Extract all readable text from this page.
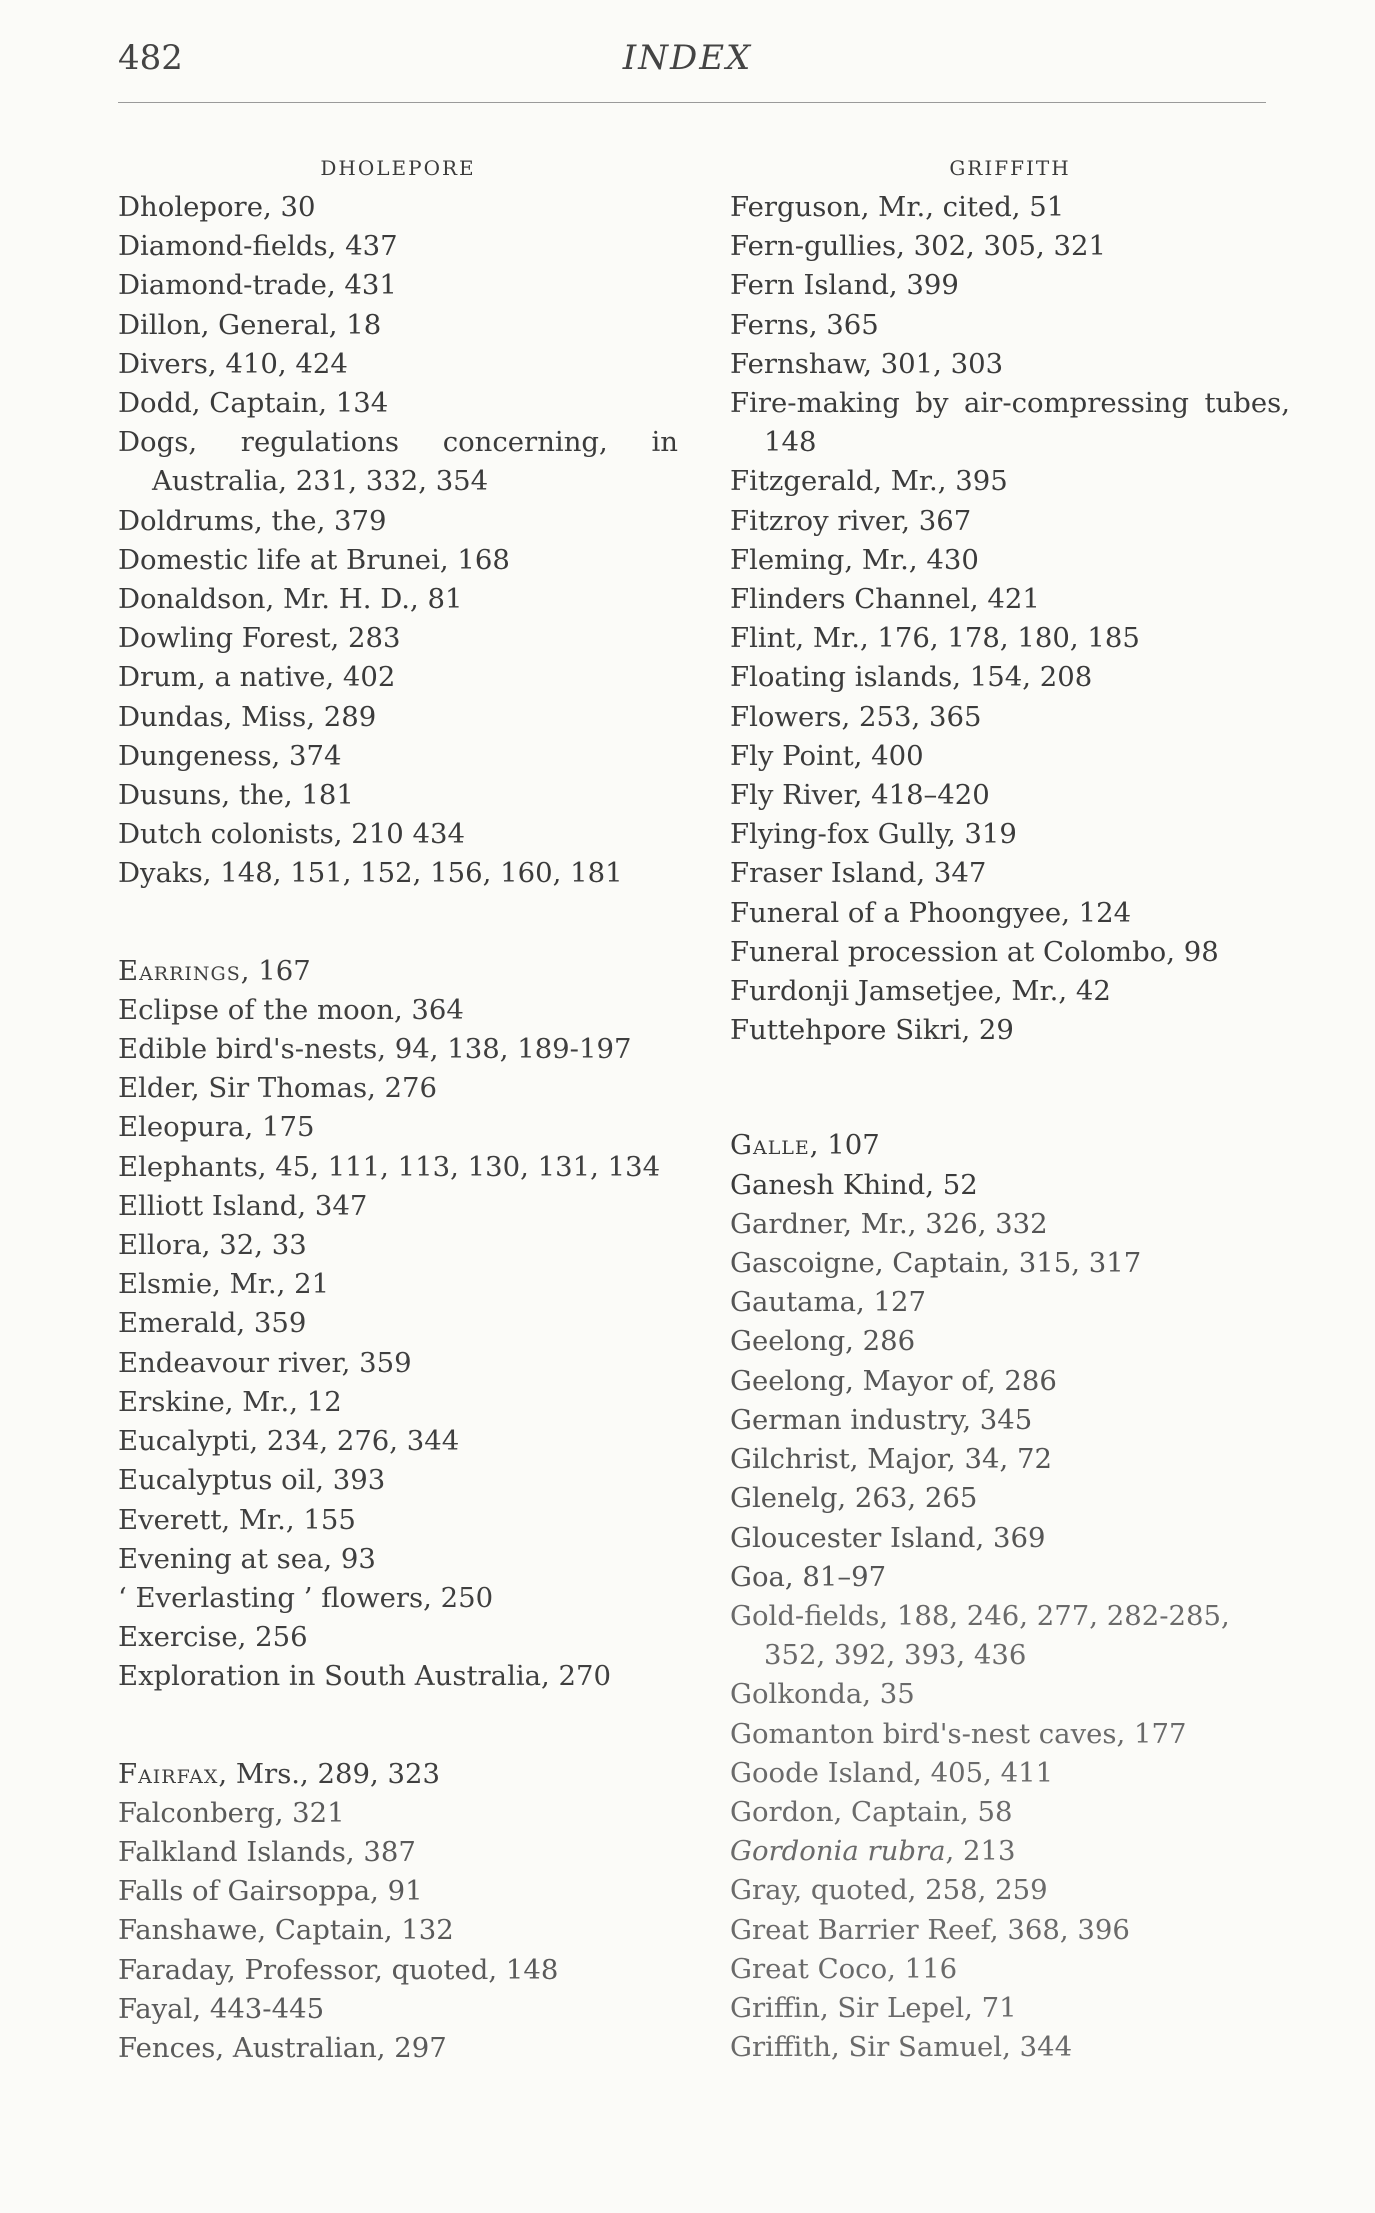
482	INDEX
DHOLEPORE
Dholepore, 30
Diamond-fields, 437
Diamond-trade, 431
Dillon, General, 18
Divers, 410, 424
Dodd, Captain, 134
Dogs, regulations concerning, in Australia, 231, 332, 354
Doldrums, the, 379
Domestic life at Brunei, 168
Donaldson, Mr. H. D., 81
Dowling Forest, 283
Drum, a native, 402
Dundas, Miss, 289
Dungeness, 374
Dusuns, the, 181
Dutch colonists, 210 434
Dyaks, 148, 151, 152, 156, 160, 181
Earrings, 167
Eclipse of the moon, 364
Edible bird's-nests, 94, 138, 189-197
Elder, Sir Thomas, 276
Eleopura, 175
Elephants, 45, 111, 113, 130, 131, 134
Elliott Island, 347
Ellora, 32, 33
Elsmie, Mr., 21
Emerald, 359
Endeavour river, 359
Erskine, Mr., 12
Eucalypti, 234, 276, 344
Eucalyptus oil, 393
Everett, Mr., 155
Evening at sea, 93
‘ Everlasting ’ flowers, 250
Exercise, 256
Exploration in South Australia, 270
Fairfax, Mrs., 289, 323
Falconberg, 321
Falkland Islands, 387
Falls of Gairsoppa, 91
Fanshawe, Captain, 132
Faraday, Professor, quoted, 148
Fayal, 443-445
Fences, Australian, 297
GRIFFITH
Ferguson, Mr., cited, 51
Fern-gullies, 302, 305, 321
Fern Island, 399
Ferns, 365
Fernshaw, 301, 303
Fire-making by air-compressing tubes, 148
Fitzgerald, Mr., 395
Fitzroy river, 367
Fleming, Mr., 430
Flinders Channel, 421
Flint, Mr., 176, 178, 180, 185
Floating islands, 154, 208
Flowers, 253, 365
Fly Point, 400
Fly River, 418–420
Flying-fox Gully, 319
Fraser Island, 347
Funeral of a Phoongyee, 124
Funeral procession at Colombo, 98
Furdonji Jamsetjee, Mr., 42
Futtehpore Sikri, 29
Galle, 107
Ganesh Khind, 52
Gardner, Mr., 326, 332
Gascoigne, Captain, 315, 317
Gautama, 127
Geelong, 286
Geelong, Mayor of, 286
German industry, 345
Gilchrist, Major, 34, 72
Glenelg, 263, 265
Gloucester Island, 369
Goa, 81–97
Gold-fields, 188, 246, 277, 282-285, 352, 392, 393, 436
Golkonda, 35
Gomanton bird's-nest caves, 177
Goode Island, 405, 411
Gordon, Captain, 58
Gordonia rubra, 213
Gray, quoted, 258, 259
Great Barrier Reef, 368, 396
Great Coco, 116
Griffin, Sir Lepel, 71
Griffith, Sir Samuel, 344
